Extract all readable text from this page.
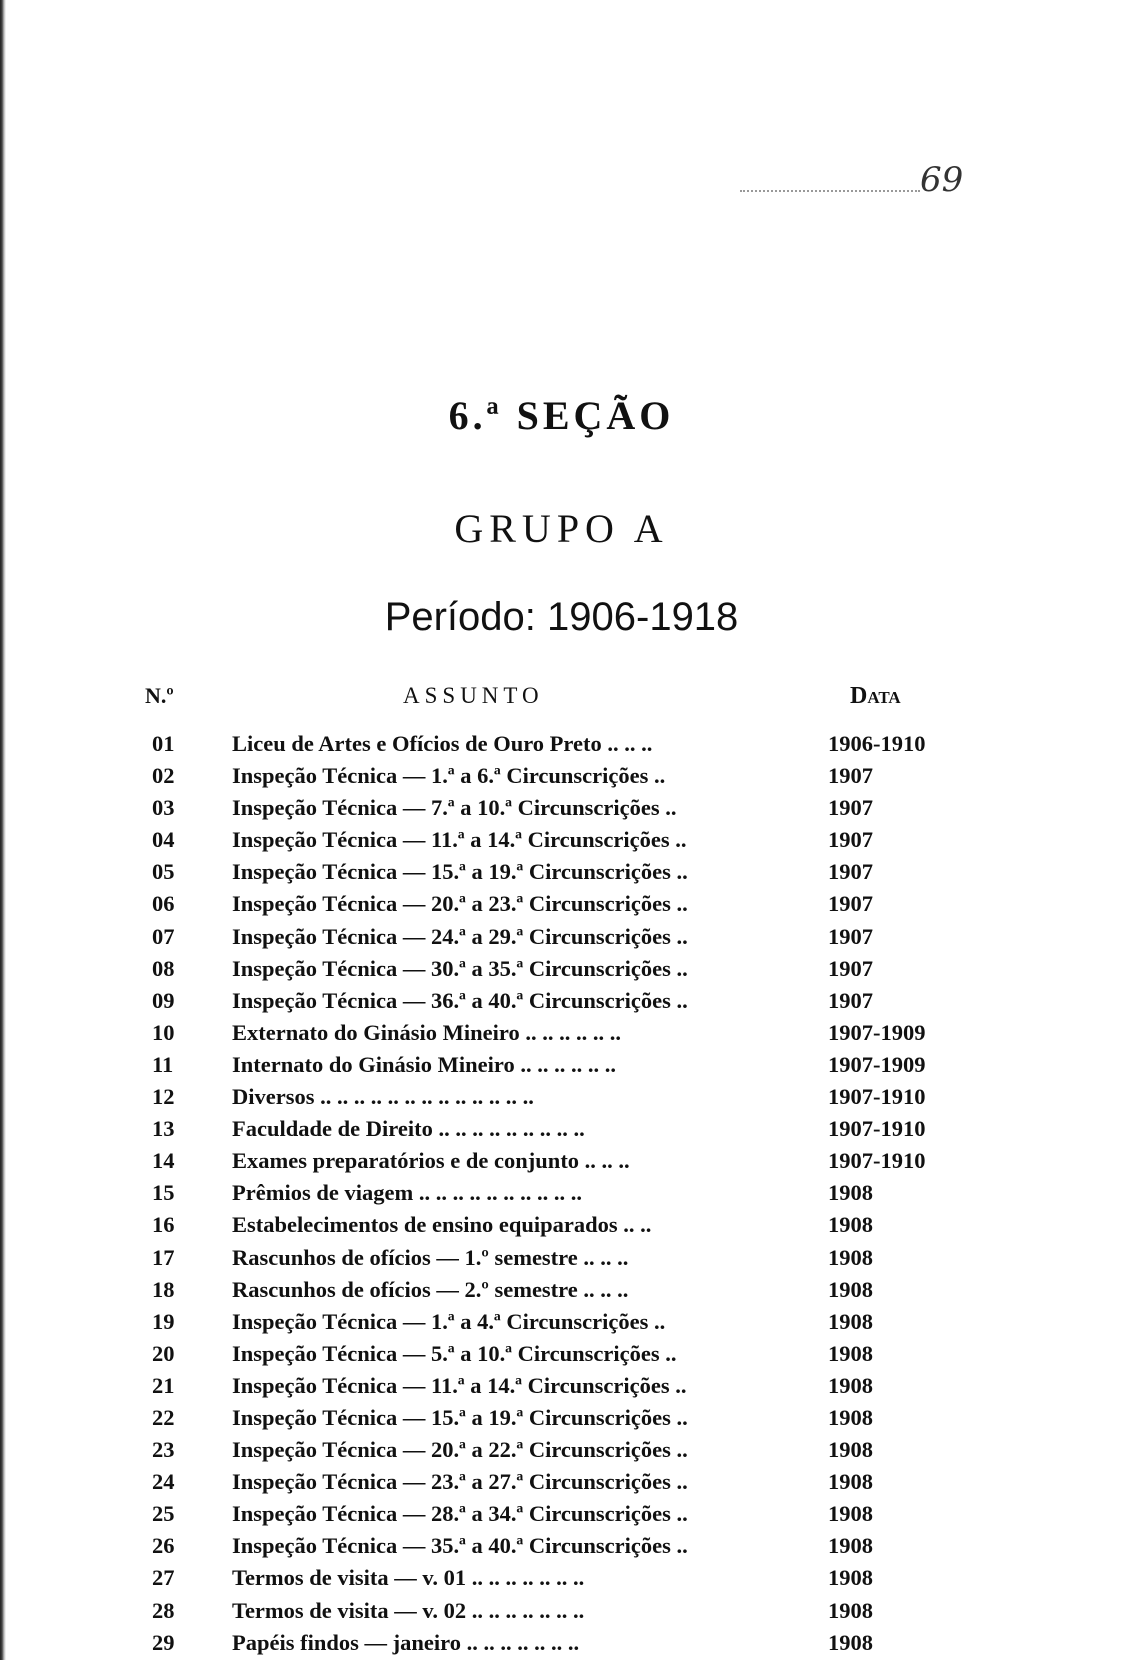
69
6.ª SEÇÃO
GRUPO A
Período: 1906-1918
N.º	ASSUNTO	Data
01	Liceu de Artes e Ofícios de Ouro Preto .. .. ..	1906-1910
02	Inspeção Técnica — 1.ª a 6.ª Circunscrições ..	1907
03	Inspeção Técnica — 7.ª a 10.ª Circunscrições ..	1907
04	Inspeção Técnica — 11.ª a 14.ª Circunscrições ..	1907
05	Inspeção Técnica — 15.ª a 19.ª Circunscrições ..	1907
06	Inspeção Técnica — 20.ª a 23.ª Circunscrições ..	1907
07	Inspeção Técnica — 24.ª a 29.ª Circunscrições ..	1907
08	Inspeção Técnica — 30.ª a 35.ª Circunscrições ..	1907
09	Inspeção Técnica — 36.ª a 40.ª Circunscrições ..	1907
10	Externato do Ginásio Mineiro .. .. .. .. .. ..	1907-1909
11	Internato do Ginásio Mineiro .. .. .. .. .. ..	1907-1909
12	Diversos .. .. .. .. .. .. .. .. .. .. .. .. ..	1907-1910
13	Faculdade de Direito .. .. .. .. .. .. .. .. ..	1907-1910
14	Exames preparatórios e de conjunto .. .. ..	1907-1910
15	Prêmios de viagem .. .. .. .. .. .. .. .. .. ..	1908
16	Estabelecimentos de ensino equiparados .. ..	1908
17	Rascunhos de ofícios — 1.º semestre .. .. ..	1908
18	Rascunhos de ofícios — 2.º semestre .. .. ..	1908
19	Inspeção Técnica — 1.ª a 4.ª Circunscrições ..	1908
20	Inspeção Técnica — 5.ª a 10.ª Circunscrições ..	1908
21	Inspeção Técnica — 11.ª a 14.ª Circunscrições ..	1908
22	Inspeção Técnica — 15.ª a 19.ª Circunscrições ..	1908
23	Inspeção Técnica — 20.ª a 22.ª Circunscrições ..	1908
24	Inspeção Técnica — 23.ª a 27.ª Circunscrições ..	1908
25	Inspeção Técnica — 28.ª a 34.ª Circunscrições ..	1908
26	Inspeção Técnica — 35.ª a 40.ª Circunscrições ..	1908
27	Termos de visita — v. 01 .. .. .. .. .. .. ..	1908
28	Termos de visita — v. 02 .. .. .. .. .. .. ..	1908
29	Papéis findos — janeiro .. .. .. .. .. .. ..	1908
